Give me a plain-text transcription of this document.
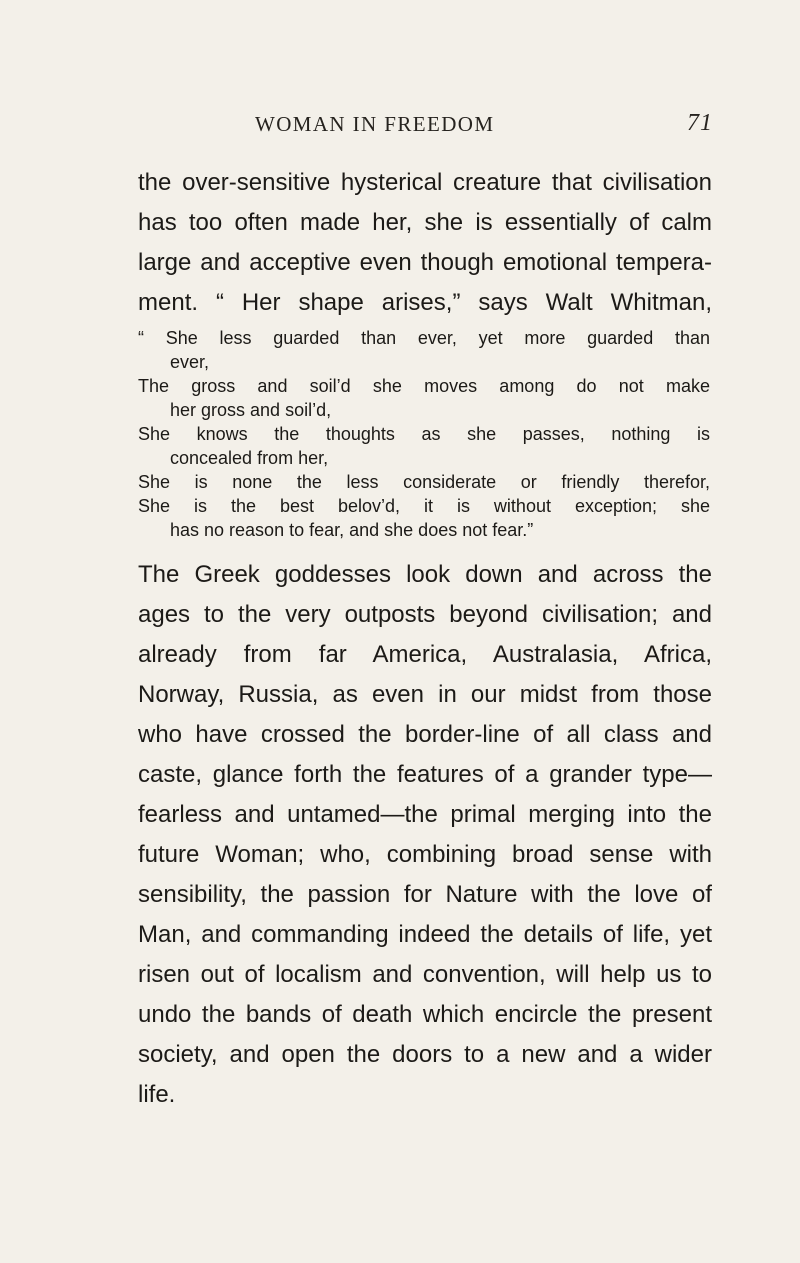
WOMAN IN FREEDOM	71
the over-sensitive hysterical creature that civilisation
has too often made her, she is essentially of calm
large and acceptive even though emotional tempera-
ment. “ Her shape arises,” says Walt Whitman,
“ She less guarded than ever, yet more guarded than
ever,
The gross and soil’d she moves among do not make
her gross and soil’d,
She knows the thoughts as she passes, nothing is
concealed from her,
She is none the less considerate or friendly therefor,
She is the best belov’d, it is without exception; she
has no reason to fear, and she does not fear.”
The Greek goddesses look down and across the
ages to the very outposts beyond civilisation; and
already from far America, Australasia, Africa,
Norway, Russia, as even in our midst from those
who have crossed the border-line of all class and
caste, glance forth the features of a grander type—
fearless and untamed—the primal merging into the
future Woman; who, combining broad sense with
sensibility, the passion for Nature with the love of
Man, and commanding indeed the details of life, yet
risen out of localism and convention, will help us to
undo the bands of death which encircle the present
society, and open the doors to a new and a wider
life.
